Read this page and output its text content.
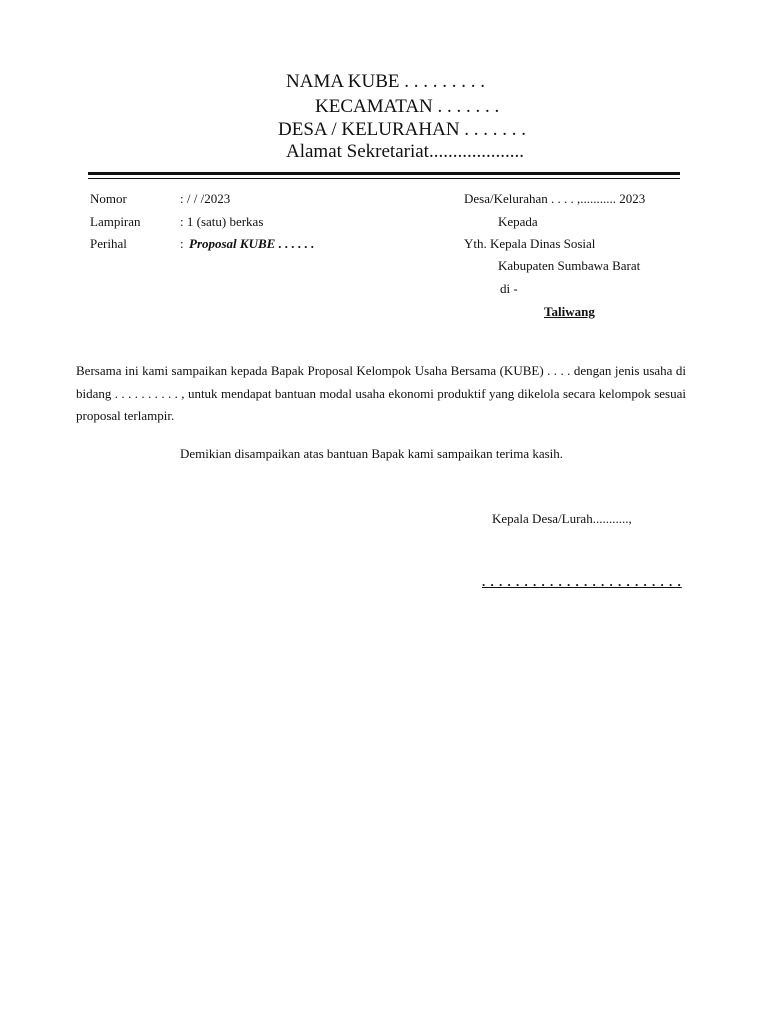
NAMA KUBE . . . . . . . . .
KECAMATAN . . . . . . .
DESA / KELURAHAN . . . . . . .
Alamat Sekretariat....................
Nomor	: / / /2023
Lampiran	: 1 (satu) berkas
Perihal	: Proposal KUBE . . . . . .
Desa/Kelurahan . . . . ,........... 2023
Kepada
Yth. Kepala Dinas Sosial
Kabupaten Sumbawa Barat
di -
Taliwang
Bersama ini kami sampaikan kepada Bapak Proposal Kelompok Usaha Bersama (KUBE) . . . . dengan jenis usaha di bidang . . . . . . . . . . , untuk mendapat bantuan modal usaha ekonomi produktif yang dikelola secara kelompok sesuai proposal terlampir.
Demikian disampaikan atas bantuan Bapak kami sampaikan terima kasih.
Kepala Desa/Lurah...........,
. . . . . . . . . . . . . . . . . . . . . . . .
